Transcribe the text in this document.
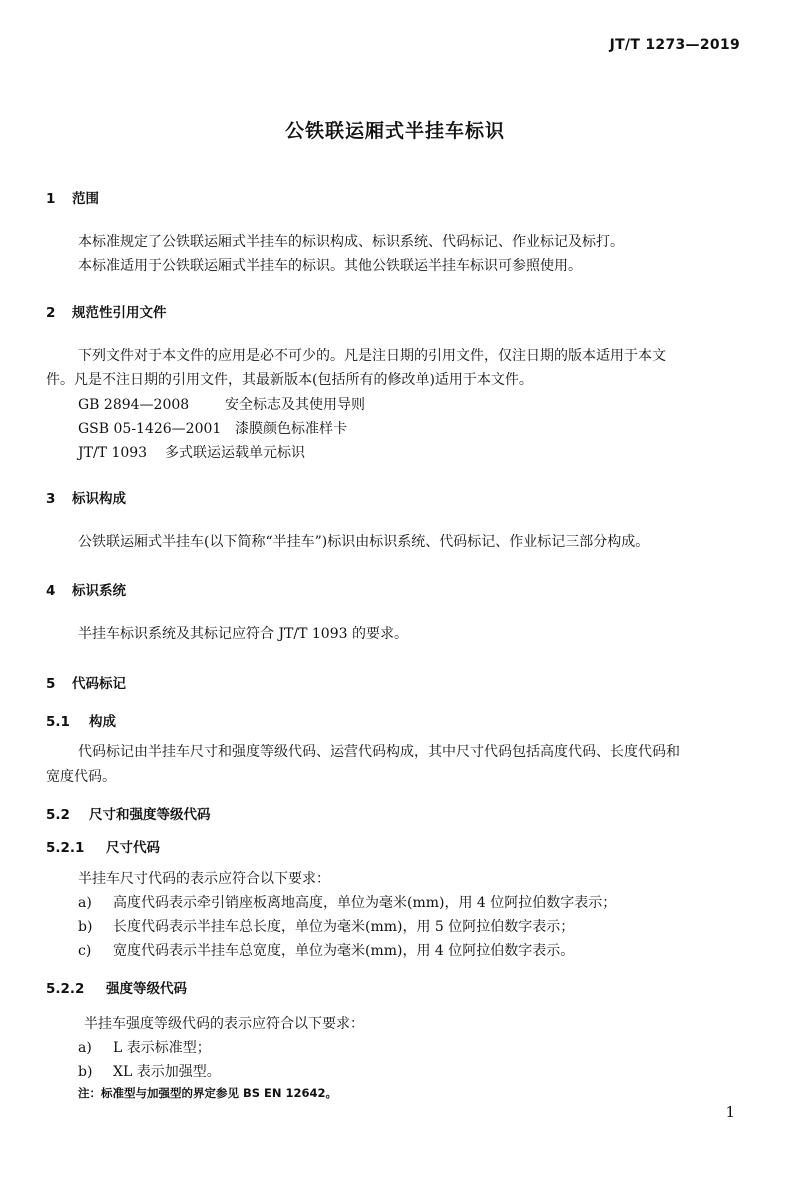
JT/T 1273—2019
公铁联运厢式半挂车标识
1 范围
本标准规定了公铁联运厢式半挂车的标识构成、标识系统、代码标记、作业标记及标打。
本标准适用于公铁联运厢式半挂车的标识。其他公铁联运半挂车标识可参照使用。
2 规范性引用文件
下列文件对于本文件的应用是必不可少的。凡是注日期的引用文件，仅注日期的版本适用于本文
件。凡是不注日期的引用文件，其最新版本(包括所有的修改单)适用于本文件。
GB 2894—2008	安全标志及其使用导则
GSB 05-1426—2001 漆膜颜色标准样卡
JT/T 1093 多式联运运载单元标识
3 标识构成
公铁联运厢式半挂车(以下简称“半挂车”)标识由标识系统、代码标记、作业标记三部分构成。
4 标识系统
半挂车标识系统及其标记应符合 JT/T 1093 的要求。
5 代码标记
5.1 构成
代码标记由半挂车尺寸和强度等级代码、运营代码构成，其中尺寸代码包括高度代码、长度代码和
宽度代码。
5.2 尺寸和强度等级代码
5.2.1 尺寸代码
半挂车尺寸代码的表示应符合以下要求：
a) 高度代码表示牵引销座板离地高度，单位为毫米(mm)，用 4 位阿拉伯数字表示；
b) 长度代码表示半挂车总长度，单位为毫米(mm)，用 5 位阿拉伯数字表示；
c) 宽度代码表示半挂车总宽度，单位为毫米(mm)，用 4 位阿拉伯数字表示。
5.2.2 强度等级代码
半挂车强度等级代码的表示应符合以下要求：
a) L 表示标准型；
b) XL 表示加强型。
注：标准型与加强型的界定参见 BS EN 12642。
1
